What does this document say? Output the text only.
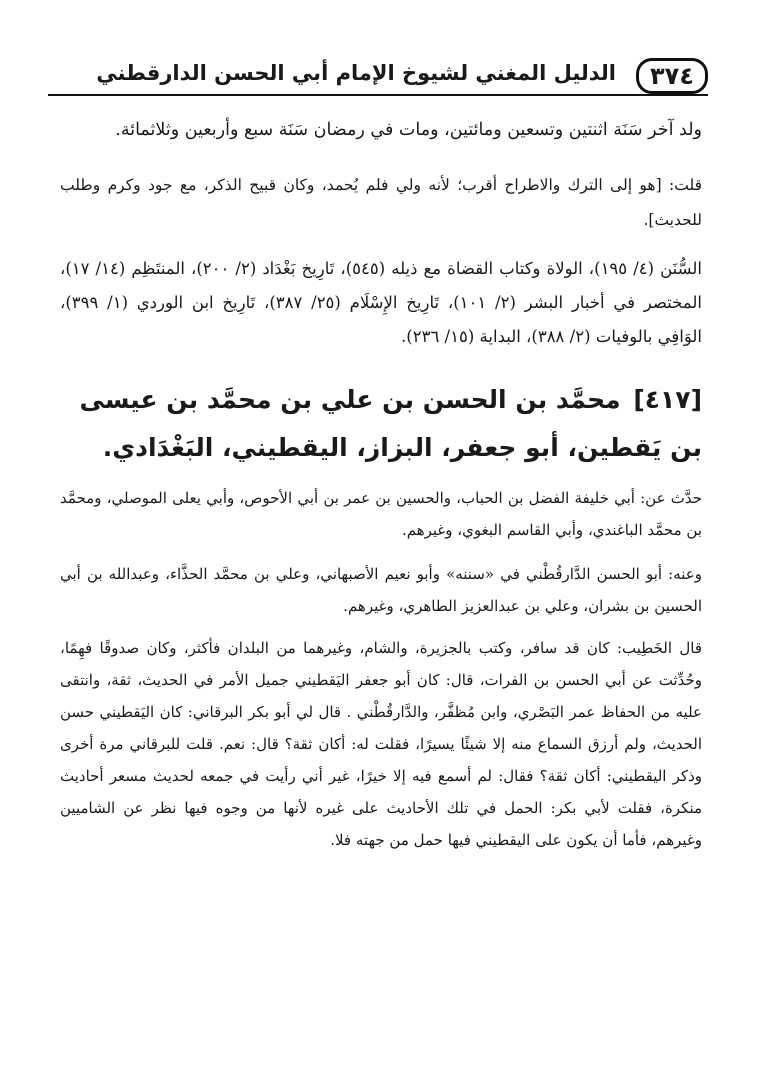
٣٧٤
الدليل المغني لشيوخ الإمام أبي الحسن الدارقطني

ولد آخر سَنَة اثنتين وتسعين ومائتين، ومات في رمضان سَنَة سبع وأربعين وثلاثمائة.

قلت: [هو إلى الترك والاطراح أقرب؛ لأنه ولي فلم يُحمد، وكان قبيح الذكر، مع جود وكرم وطلب للحديث].

السُّنَن (٤/ ١٩٥)، الولاة وكتاب القضاة مع ذيله (٥٤٥)، تَارِيخ بَغْدَاد (٢/ ٢٠٠)، المنتَظِم (١٤/ ١٧)، المختصر في أخبار البشر (٢/ ١٠١)، تَارِيخ الإِسْلَام (٢٥/ ٣٨٧)، تَارِيخ ابن الوردي (١/ ٣٩٩)، الوَافِي بالوفيات (٢/ ٣٨٨)، البداية (١٥/ ٢٣٦).

[٤١٧] محمَّد بن الحسن بن علي بن محمَّد بن عيسى بن يَقطين، أبو جعفر، البزاز، اليقطيني، البَغْدَادي.

حدَّث عن: أبي خليفة الفضل بن الحباب، والحسين بن عمر بن أبي الأحوص، وأبي يعلى الموصلي، ومحمَّد بن محمَّد الباغندي، وأبي القاسم البغوي، وغيرهم.

وعنه: أبو الحسن الدَّارقُطْني في «سننه» وأبو نعيم الأصبهاني، وعلي بن محمَّد الحذَّاء، وعبدالله بن أبي الحسين بن بشران، وعلي بن عبدالعزيز الطاهري، وغيرهم.

قال الخَطِيب: كان قد سافر، وكتب بالجزيرة، والشام، وغيرهما من البلدان فأكثر، وكان صدوقًا فهِمًا، وحُدِّثت عن أبي الحسن بن الفرات، قال: كان أبو جعفر اليَقطيني جميل الأمر في الحديث، ثقة، وانتقى عليه من الحفاظ عمر البَصْري، وابن مُظفَّر، والدَّارقُطْني . قال لي أبو بكر البرقاني: كان اليَقطيني حسن الحديث، ولم أرزق السماع منه إلا شيئًا يسيرًا، فقلت له: أكان ثقة؟ قال: نعم. قلت للبرقاني مرة أخرى وذكر اليقطيني: أكان ثقة؟ فقال: لم أسمع فيه إلا خيرًا، غير أني رأيت في جمعه لحديث مسعر أحاديث منكرة، فقلت لأبي بكر: الحمل في تلك الأحاديث على غيره لأنها من وجوه فيها نظر عن الشاميين وغيرهم، فأما أن يكون على اليقطيني فيها حمل من جهته فلا.
